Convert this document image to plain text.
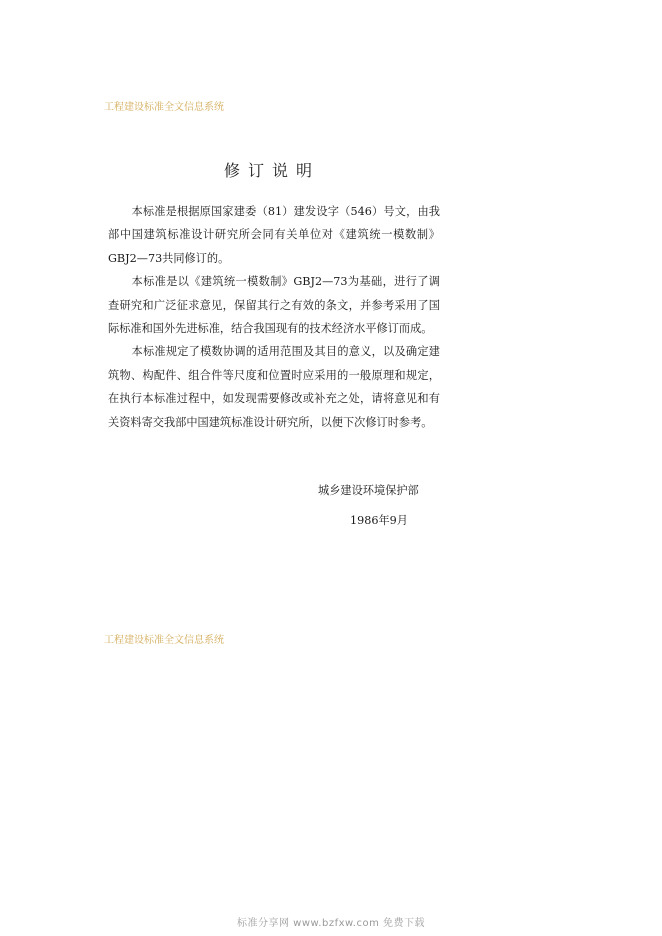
工程建设标准全文信息系统
修订说明

本标准是根据原国家建委（81）建发设字（546）号文，由我部中国建筑标准设计研究所会同有关单位对《建筑统一模数制》GBJ2—73共同修订的。

本标准是以《建筑统一模数制》GBJ2—73为基础，进行了调查研究和广泛征求意见，保留其行之有效的条文，并参考采用了国际标准和国外先进标准，结合我国现有的技术经济水平修订而成。

本标准规定了模数协调的适用范围及其目的意义，以及确定建筑物、构配件、组合件等尺度和位置时应采用的一般原理和规定，在执行本标准过程中，如发现需要修改或补充之处，请将意见和有关资料寄交我部中国建筑标准设计研究所，以便下次修订时参考。

城乡建设环境保护部
1986年9月
工程建设标准全文信息系统
标准分享网 www.bzfxw.com 免费下载
